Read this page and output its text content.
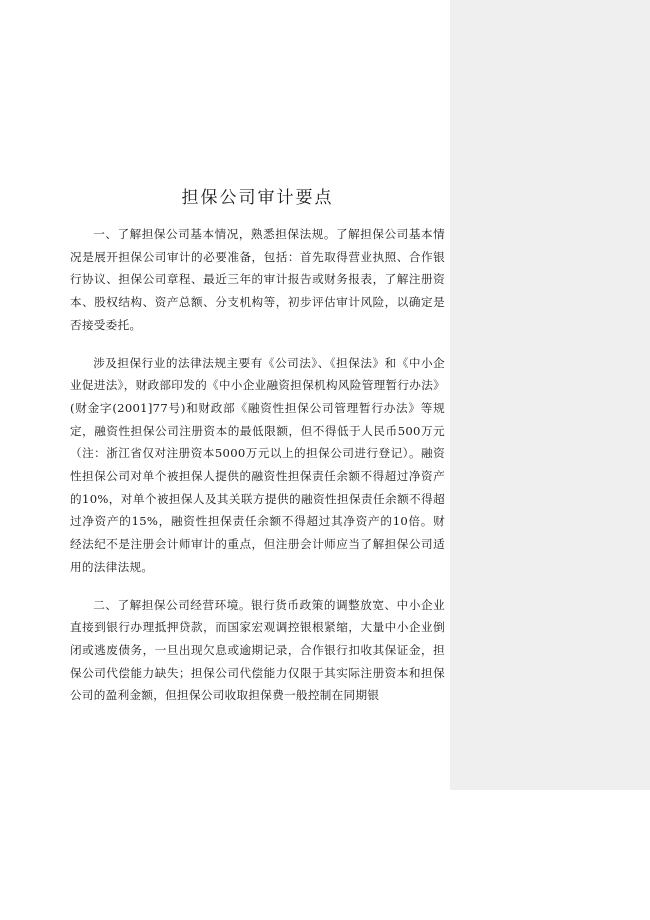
担保公司审计要点

一、了解担保公司基本情况，熟悉担保法规。了解担保公司基本情况是展开担保公司审计的必要准备，包括：首先取得营业执照、合作银行协议、担保公司章程、最近三年的审计报告或财务报表，了解注册资本、股权结构、资产总额、分支机构等，初步评估审计风险，以确定是否接受委托。

涉及担保行业的法律法规主要有《公司法》、《担保法》和《中小企业促进法》，财政部印发的《中小企业融资担保机构风险管理暂行办法》(财金字(2001]77号)和财政部《融资性担保公司管理暂行办法》等规定，融资性担保公司注册资本的最低限额，但不得低于人民币500万元（注：浙江省仅对注册资本5000万元以上的担保公司进行登记）。融资性担保公司对单个被担保人提供的融资性担保责任余额不得超过净资产的10%，对单个被担保人及其关联方提供的融资性担保责任余额不得超过净资产的15%，融资性担保责任余额不得超过其净资产的10倍。财经法纪不是注册会计师审计的重点，但注册会计师应当了解担保公司适用的法律法规。

二、了解担保公司经营环境。银行货币政策的调整放宽、中小企业直接到银行办理抵押贷款，而国家宏观调控银根紧缩，大量中小企业倒闭或逃废债务，一旦出现欠息或逾期记录，合作银行扣收其保证金，担保公司代偿能力缺失；担保公司代偿能力仅限于其实际注册资本和担保公司的盈利金额，但担保公司收取担保费一般控制在同期银
